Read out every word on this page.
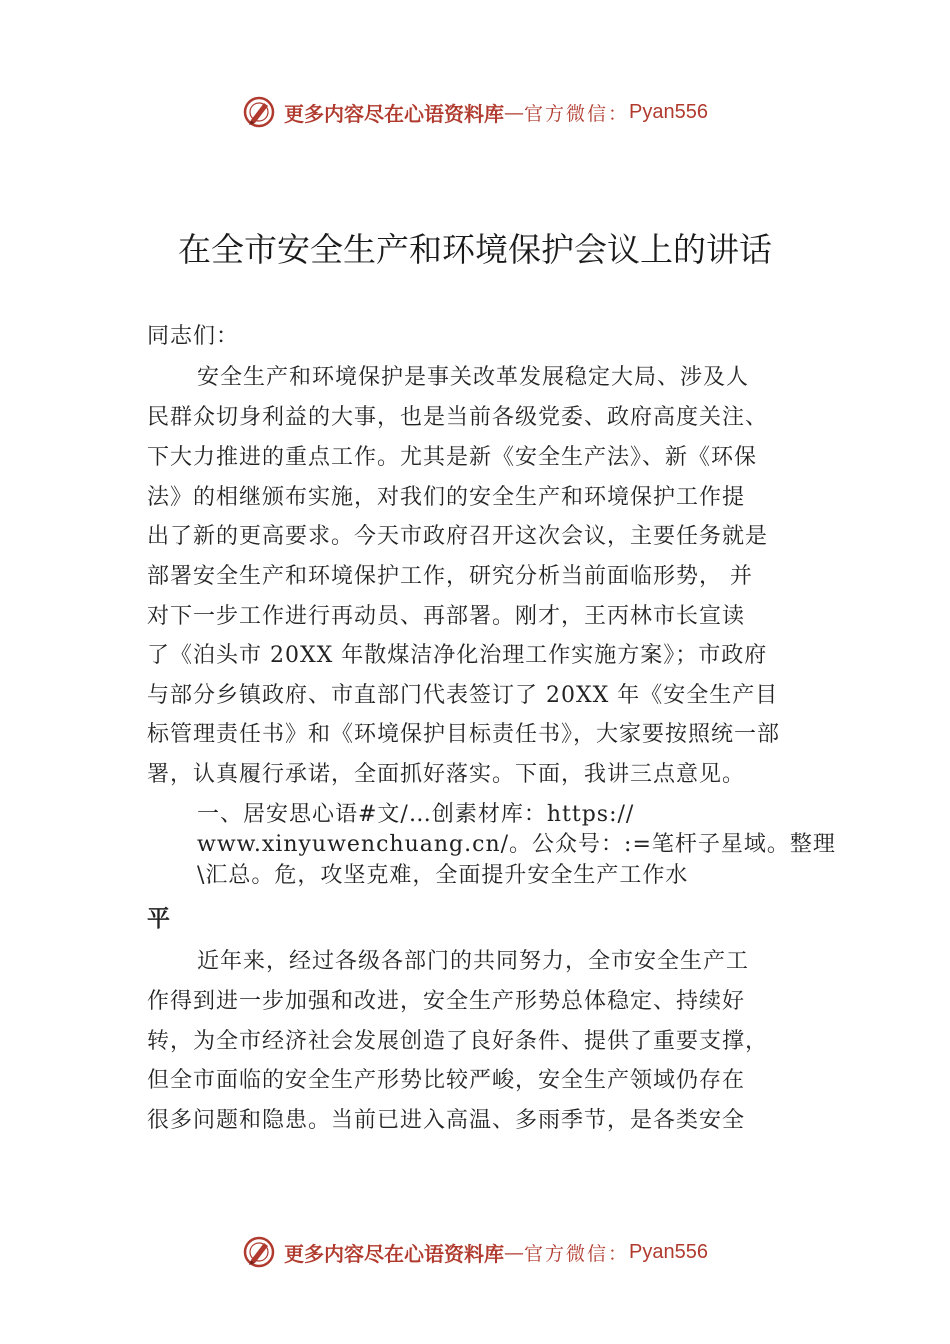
更多内容尽在心语资料库 — 官方微信： Pyan556
在全市安全生产和环境保护会议上的讲话
同志们：
安全生产和环境保护是事关改革发展稳定大局、涉及人
民群众切身利益的大事，也是当前各级党委、政府高度关注、
下大力推进的重点工作。尤其是新《安全生产法》、新《环保
法》的相继颁布实施，对我们的安全生产和环境保护工作提
出了新的更高要求。今天市政府召开这次会议，主要任务就是
部署安全生产和环境保护工作，研究分析当前面临形势， 并
对下一步工作进行再动员、再部署。刚才，王丙林市长宣读
了《泊头市 20XX 年散煤洁净化治理工作实施方案》；市政府
与部分乡镇政府、市直部门代表签订了 20XX 年《安全生产目
标管理责任书》和《环境保护目标责任书》，大家要按照统一部
署，认真履行承诺，全面抓好落实。下面，我讲三点意见。
一、居安思心语#文/…创素材库：https://
www.xinyuwenchuang.cn/。公众号：:=笔杆子星域。整理
\汇总。危，攻坚克难，全面提升安全生产工作水
平
近年来，经过各级各部门的共同努力，全市安全生产工
作得到进一步加强和改进，安全生产形势总体稳定、持续好
转，为全市经济社会发展创造了良好条件、提供了重要支撑，
但全市面临的安全生产形势比较严峻，安全生产领域仍存在
很多问题和隐患。当前已进入高温、多雨季节，是各类安全
更多内容尽在心语资料库 — 官方微信： Pyan556
